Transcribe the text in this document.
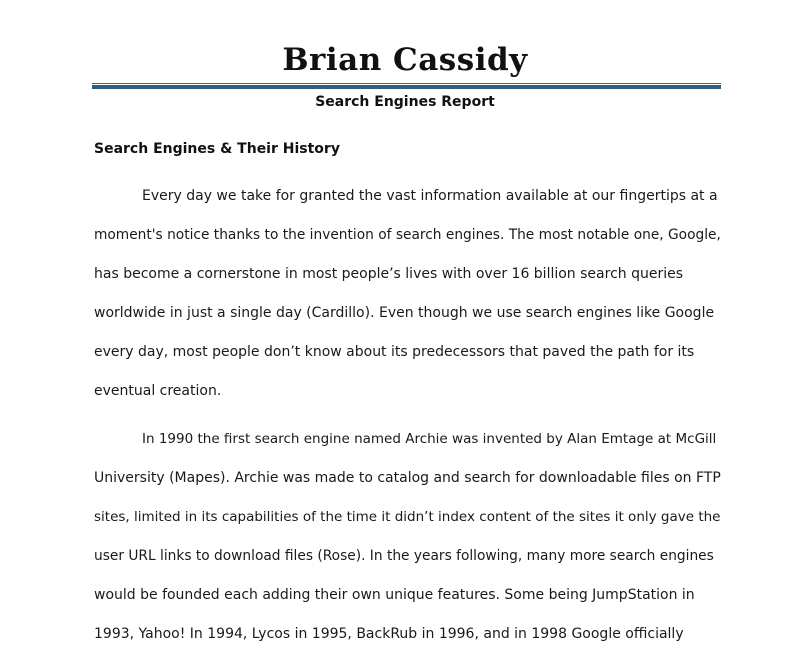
Brian Cassidy
Search Engines Report
Search Engines & Their History
Every day we take for granted the vast information available at our fingertips at a
moment's notice thanks to the invention of search engines. The most notable one, Google,
has become a cornerstone in most people’s lives with over 16 billion search queries
worldwide in just a single day (Cardillo). Even though we use search engines like Google
every day, most people don’t know about its predecessors that paved the path for its
eventual creation.
In 1990 the first search engine named Archie was invented by Alan Emtage at McGill
University (Mapes). Archie was made to catalog and search for downloadable files on FTP
sites, limited in its capabilities of the time it didn’t index content of the sites it only gave the
user URL links to download files (Rose). In the years following, many more search engines
would be founded each adding their own unique features. Some being JumpStation in
1993, Yahoo! In 1994, Lycos in 1995, BackRub in 1996, and in 1998 Google officially
